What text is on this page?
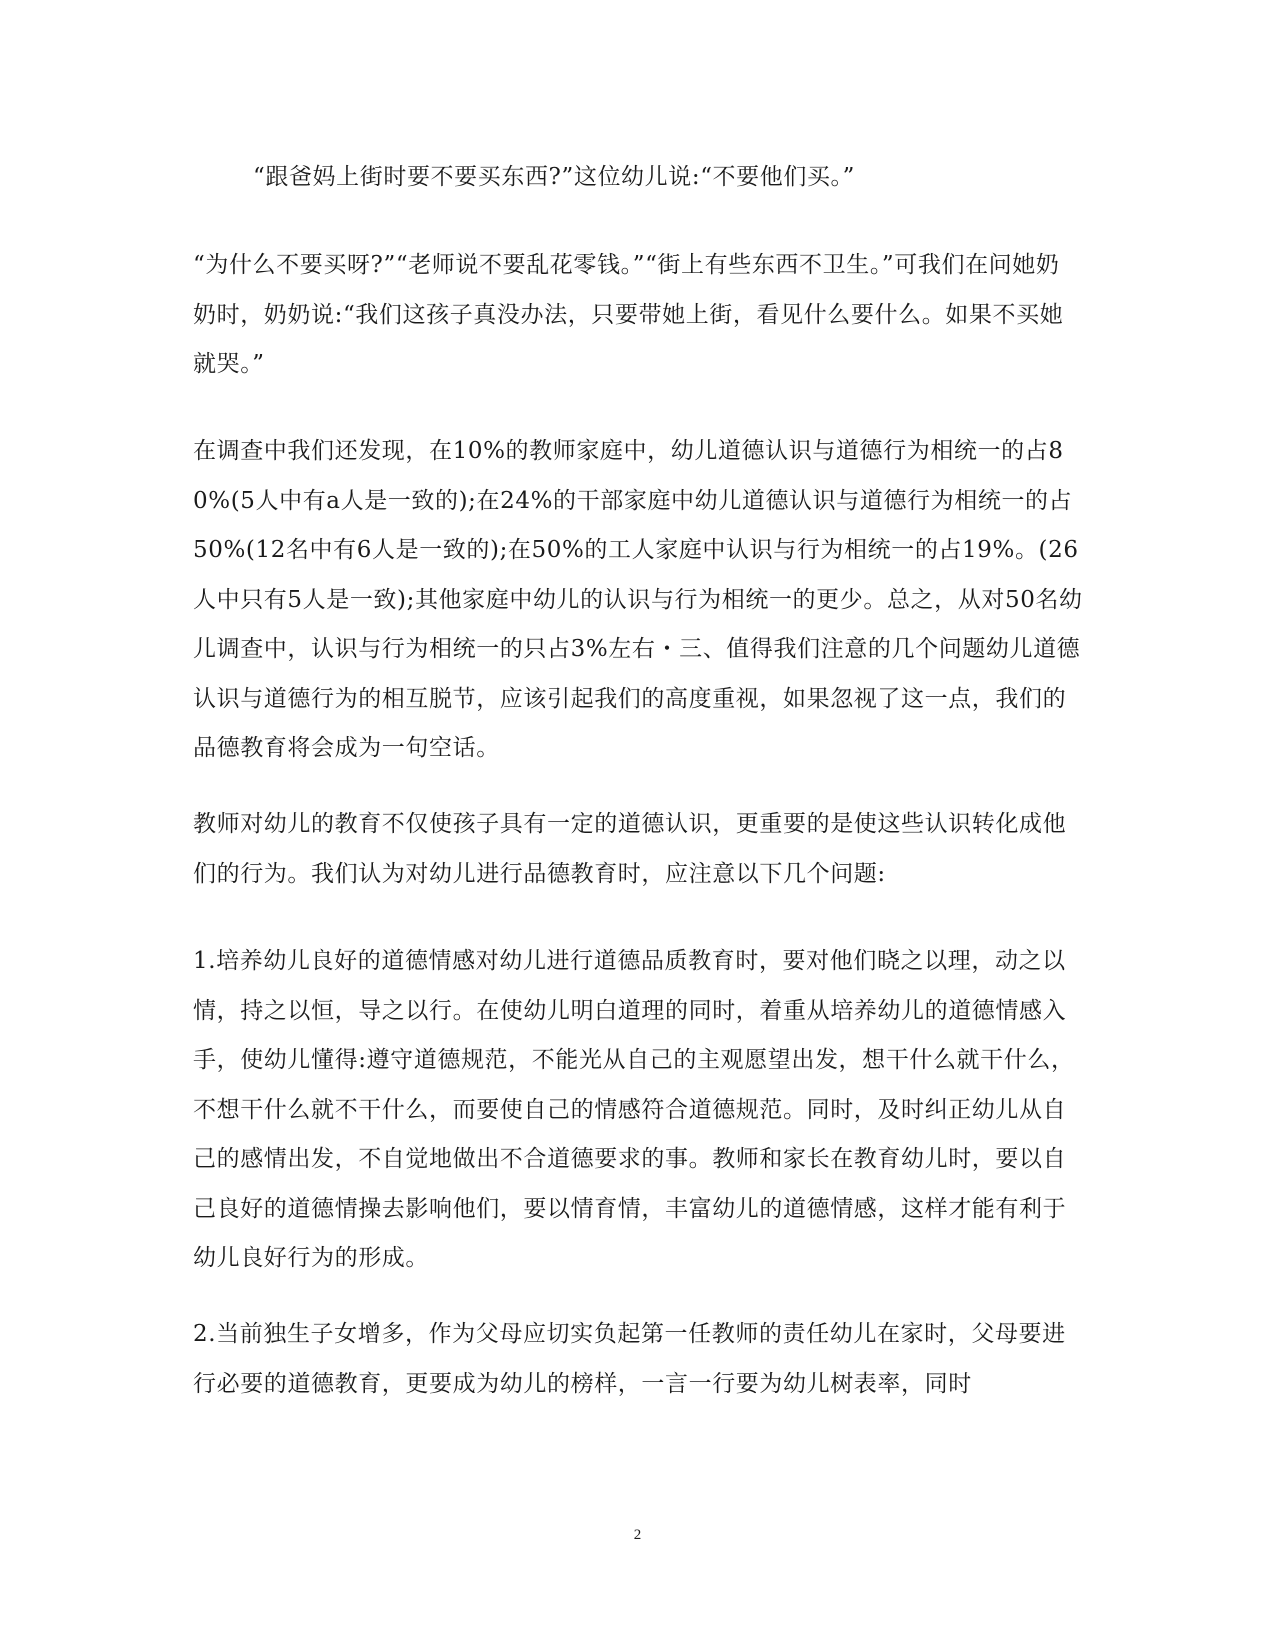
“跟爸妈上街时要不要买东西?”这位幼儿说:“不要他们买。”

“为什么不要买呀?”“老师说不要乱花零钱。”“街上有些东西不卫生。”可我们在问她奶奶时，奶奶说:“我们这孩子真没办法，只要带她上街，看见什么要什么。如果不买她就哭。”

在调查中我们还发现，在10%的教师家庭中，幼儿道德认识与道德行为相统一的占80%(5人中有a人是一致的);在24%的干部家庭中幼儿道德认识与道德行为相统一的占50%(12名中有6人是一致的);在50%的工人家庭中认识与行为相统一的占19%。(26人中只有5人是一致);其他家庭中幼儿的认识与行为相统一的更少。总之，从对50名幼儿调查中，认识与行为相统一的只占3%左右・三、值得我们注意的几个问题幼儿道德认识与道德行为的相互脱节，应该引起我们的高度重视，如果忽视了这一点，我们的品德教育将会成为一句空话。

教师对幼儿的教育不仅使孩子具有一定的道德认识，更重要的是使这些认识转化成他们的行为。我们认为对幼儿进行品德教育时，应注意以下几个问题:

1.培养幼儿良好的道德情感对幼儿进行道德品质教育时，要对他们晓之以理，动之以情，持之以恒，导之以行。在使幼儿明白道理的同时，着重从培养幼儿的道德情感入手，使幼儿懂得:遵守道德规范，不能光从自己的主观愿望出发，想干什么就干什么，不想干什么就不干什么，而要使自己的情感符合道德规范。同时，及时纠正幼儿从自己的感情出发，不自觉地做出不合道德要求的事。教师和家长在教育幼儿时，要以自己良好的道德情操去影响他们，要以情育情，丰富幼儿的道德情感，这样才能有利于幼儿良好行为的形成。

2.当前独生子女增多，作为父母应切实负起第一任教师的责任幼儿在家时，父母要进行必要的道德教育，更要成为幼儿的榜样，一言一行要为幼儿树表率，同时

2
